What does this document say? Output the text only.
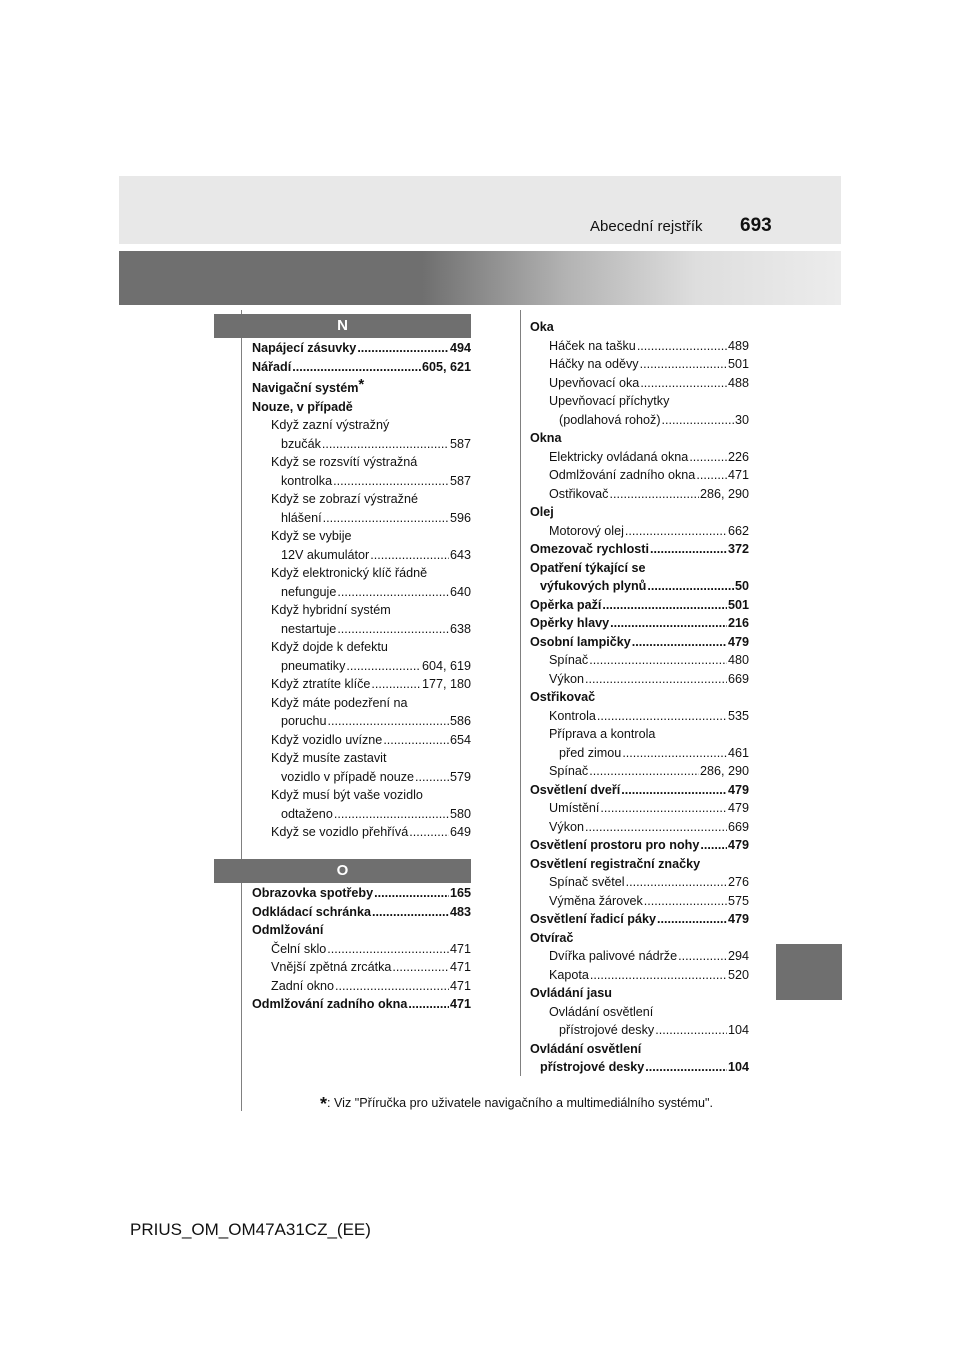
Abecední rejstřík 693
N
Napájecí zásuvky .....	494
Nářadí .....	605, 621
Navigační systém*
Nouze, v případě
Když zazní výstražný
bzučák .....	587
Když se rozsvítí výstražná
kontrolka .....	587
Když se zobrazí výstražné
hlášení .....	596
Když se vybije
12V akumulátor .....	643
Když elektronický klíč řádně
nefunguje .....	640
Když hybridní systém
nestartuje .....	638
Když dojde k defektu
pneumatiky .....	604, 619
Když ztratíte klíče .....	177, 180
Když máte podezření na
poruchu .....	586
Když vozidlo uvízne .....	654
Když musíte zastavit
vozidlo v případě nouze .....	579
Když musí být vaše vozidlo
odtaženo .....	580
Když se vozidlo přehřívá .....	649
O
Obrazovka spotřeby .....	165
Odkládací schránka .....	483
Odmlžování
Čelní sklo .....	471
Vnější zpětná zrcátka .....	471
Zadní okno .....	471
Odmlžování zadního okna .....	471
Oka
Háček na tašku .....	489
Háčky na oděvy .....	501
Upevňovací oka .....	488
Upevňovací příchytky
(podlahová rohož) .....	30
Okna
Elektricky ovládaná okna .....	226
Odmlžování zadního okna .....	471
Ostřikovač .....	286, 290
Olej
Motorový olej .....	662
Omezovač rychlosti .....	372
Opatření týkající se
výfukových plynů .....	50
Opěrka paží .....	501
Opěrky hlavy .....	216
Osobní lampičky .....	479
Spínač .....	480
Výkon .....	669
Ostřikovač
Kontrola .....	535
Příprava a kontrola
před zimou .....	461
Spínač .....	286, 290
Osvětlení dveří .....	479
Umístění .....	479
Výkon .....	669
Osvětlení prostoru pro nohy ..... 479
Osvětlení registrační značky
Spínač světel .....	276
Výměna žárovek .....	575
Osvětlení řadicí páky .....	479
Otvírač
Dvířka palivové nádrže .....	294
Kapota .....	520
Ovládání jasu
Ovládání osvětlení
přístrojové desky .....	104
Ovládání osvětlení
přístrojové desky .....	104
*: Viz "Příručka pro uživatele navigačního a multimediálního systému".
PRIUS_OM_OM47A31CZ_(EE)
